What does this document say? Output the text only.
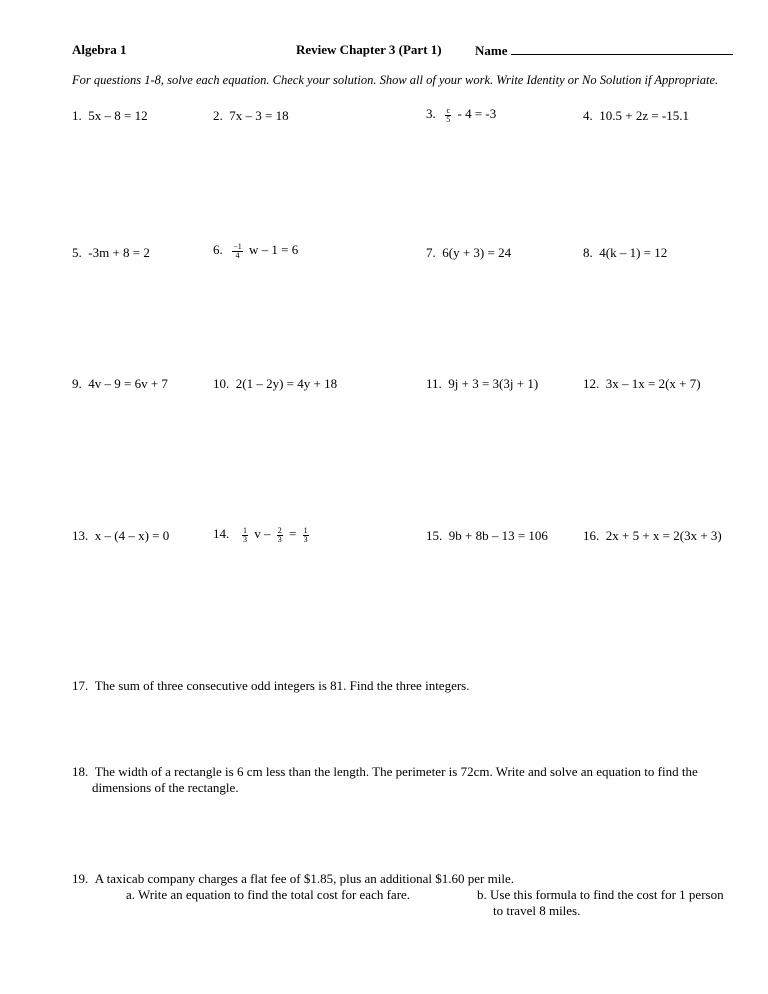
Algebra 1	Review Chapter 3 (Part 1)	Name
For questions 1-8, solve each equation. Check your solution. Show all of your work. Write Identity or No Solution if Appropriate.
1. 5x – 8 = 12	2. 7x – 3 = 18	3. $\frac{c}{5} - 4 = -3$	4. 10.5 + 2z = -15.1
5. -3m + 8 = 2	6. $\frac{-1}{4}$ w – 1 = 6	7. 6(y + 3) = 24	8. 4(k – 1) = 12
9. 4v – 9 = 6v + 7	10. 2(1 – 2y) = 4y + 18	11. 9j + 3 = 3(3j + 1)	12. 3x – 1x = 2(x + 7)
13. x – (4 – x) = 0	14. $\frac{1}{3}$ $v - \frac{2}{3} = \frac{1}{3}$	15. 9b + 8b – 13 = 106	16. 2x + 5 + x = 2(3x + 3)
17. The sum of three consecutive odd integers is 81. Find the three integers.
18. The width of a rectangle is 6 cm less than the length. The perimeter is 72cm. Write and solve an equation to find the
dimensions of the rectangle.
19. A taxicab company charges a flat fee of $1.85, plus an additional $1.60 per mile.
a. Write an equation to find the total cost for each fare.	b. Use this formula to find the cost for 1 person
to travel 8 miles.
